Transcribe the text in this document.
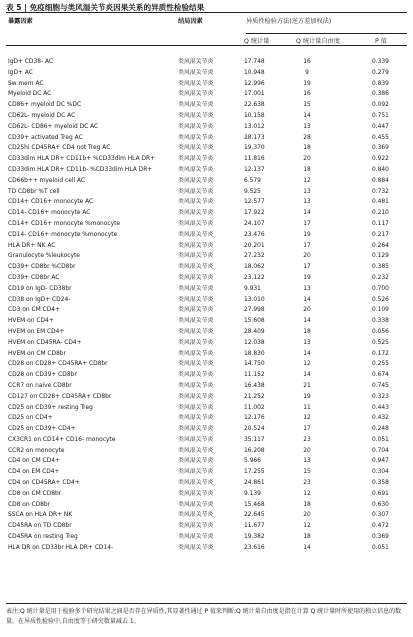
表 5 | 免疫细胞与类风湿关节炎因果关系的异质性检验结果
暴露因素	结局因素	异质性检验方法(逆方差加权法)
Q 统计量	Q 统计量自由度	P 值
IgD+ CD38- AC	类风湿关节炎	17.748	16	0.339
IgD+ AC	类风湿关节炎	10.948	9	0.279
Sw mem AC	类风湿关节炎	12.996	19	0.839
Myeloid DC AC	类风湿关节炎	17.001	16	0.386
CD86+ myeloid DC %DC	类风湿关节炎	22.638	15	0.092
CD62L- myeloid DC AC	类风湿关节炎	10.158	14	0.751
CD62L- CD86+ myeloid DC AC	类风湿关节炎	13.012	13	0.447
CD39+ activated Treg AC	类风湿关节炎	28.173	28	0.455
CD25hi CD45RA+ CD4 not Treg AC	类风湿关节炎	19.370	18	0.369
CD33dim HLA DR+ CD11b+ %CD33dim HLA DR+	类风湿关节炎	11.816	20	0.922
CD33dim HLA DR+ CD11b- %CD33dim HLA DR+	类风湿关节炎	12.137	18	0.840
CD66b++ myeloid cell AC	类风湿关节炎	6.579	12	0.884
TD CD8br %T cell	类风湿关节炎	9.525	13	0.732
CD14+ CD16+ monocyte AC	类风湿关节炎	12.577	13	0.481
CD14- CD16+ monocyte AC	类风湿关节炎	17.922	14	0.210
CD14+ CD16+ monocyte %monocyte	类风湿关节炎	24.107	17	0.117
CD14- CD16+ monocyte %monocyte	类风湿关节炎	23.476	19	0.217
HLA DR+ NK AC	类风湿关节炎	20.201	17	0.264
Granulocyte %leukocyte	类风湿关节炎	27.232	20	0.129
CD39+ CD8br %CD8br	类风湿关节炎	18.062	17	0.385
CD39+ CD8br AC	类风湿关节炎	23.122	19	0.232
CD19 on IgD- CD38br	类风湿关节炎	9.931	13	0.700
CD38 on IgD+ CD24-	类风湿关节炎	13.010	14	0.526
CD3 on CM CD4+	类风湿关节炎	27.998	20	0.109
HVEM on CD4+	类风湿关节炎	15.608	14	0.338
HVEM on EM CD4+	类风湿关节炎	28.409	18	0.056
HVEM on CD45RA- CD4+	类风湿关节炎	12.038	13	0.525
HVEM on CM CD8br	类风湿关节炎	18.830	14	0.172
CD28 on CD28+ CD45RA+ CD8br	类风湿关节炎	14.750	12	0.255
CD28 on CD39+ CD8br	类风湿关节炎	11.152	14	0.674
CCR7 on naive CD8br	类风湿关节炎	16.438	21	0.745
CD127 on CD28+ CD45RA+ CD8br	类风湿关节炎	21.252	19	0.323
CD25 on CD39+ resting Treg	类风湿关节炎	11.002	11	0.443
CD25 on CD4+	类风湿关节炎	12.176	12	0.432
CD25 on CD39+ CD4+	类风湿关节炎	20.524	17	0.248
CX3CR1 on CD14+ CD16- monocyte	类风湿关节炎	35.117	23	0.051
CCR2 on monocyte	类风湿关节炎	16.208	20	0.704
CD4 on CM CD4+	类风湿关节炎	5.966	13	0.947
CD4 on EM CD4+	类风湿关节炎	17.255	15	0.304
CD4 on CD45RA+ CD4+	类风湿关节炎	24.861	23	0.358
CD8 on CM CD8br	类风湿关节炎	9.139	12	0.691
CD8 on CD8br	类风湿关节炎	15.468	18	0.630
SSCA on HLA DR+ NK	类风湿关节炎	22.645	20	0.307
CD45RA on TD CD8br	类风湿关节炎	11.677	12	0.472
CD45RA on resting Treg	类风湿关节炎	19.382	18	0.369
HLA DR on CD33br HLA DR+ CD14-	类风湿关节炎	23.616	14	0.051
表注:Q 统计量是用于检验多个研究结果之间是否存在异质性,其显著性通过 P 值来判断;Q 统计量自由度是指在计算 Q 统计量时所使用的独立信息的数量。在异质性检验中,自由度等于研究数量减去 1。
